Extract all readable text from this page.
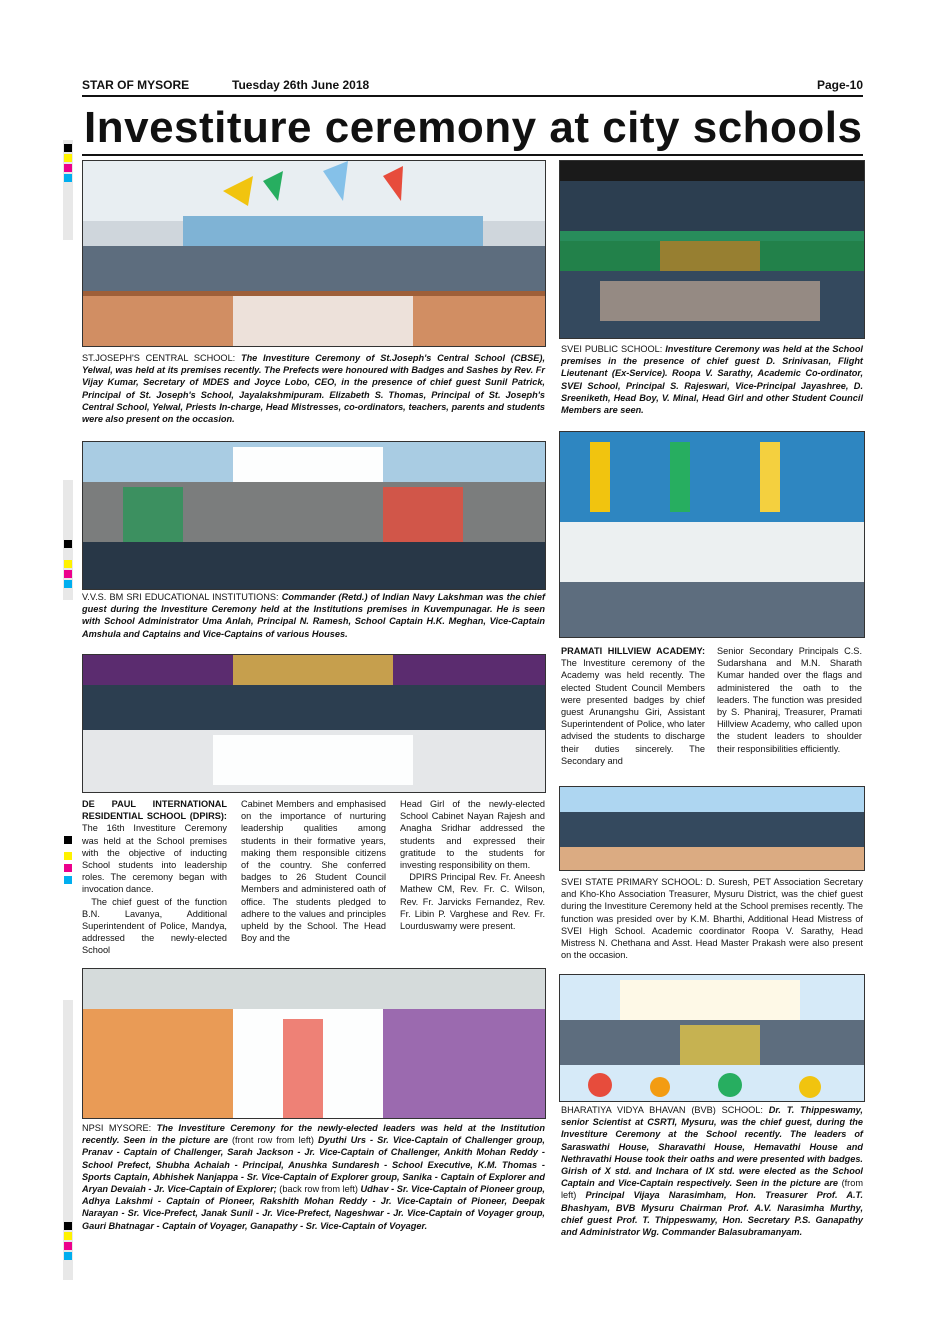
STAR OF MYSORE	Tuesday 26th June 2018	Page-10
Investiture ceremony at city schools
ST.JOSEPH'S CENTRAL SCHOOL: The Investiture Ceremony of St.Joseph's Central School (CBSE), Yelwal, was held at its premises recently. The Prefects were honoured with Badges and Sashes by Rev. Fr Vijay Kumar, Secretary of MDES and Joyce Lobo, CEO, in the presence of chief guest Sunil Patrick, Principal of St. Joseph's School, Jayalakshmipuram. Elizabeth S. Thomas, Principal of St. Joseph's Central School, Yelwal, Priests In-charge, Head Mistresses, co-ordinators, teachers, parents and students were also present on the occasion.
SVEI PUBLIC SCHOOL: Investiture Ceremony was held at the School premises in the presence of chief guest D. Srinivasan, Flight Lieutenant (Ex-Service). Roopa V. Sarathy, Academic Co-ordinator, SVEI School, Principal S. Rajeswari, Vice-Principal Jayashree, D. Sreeniketh, Head Boy, V. Minal, Head Girl and other Student Council Members are seen.
V.V.S. BM SRI EDUCATIONAL INSTITUTIONS: Commander (Retd.) of Indian Navy Lakshman was the chief guest during the Investiture Ceremony held at the Institutions premises in Kuvempunagar. He is seen with School Administrator Uma Anlah, Principal N. Ramesh, School Captain H.K. Meghan, Vice-Captain Amshula and Captains and Vice-Captains of various Houses.
PRAMATI HILLVIEW ACADEMY: The Investiture ceremony of the Academy was held recently. The elected Student Council Members were presented badges by chief guest Arunangshu Giri, Assistant Superintendent of Police, who later advised the students to discharge their duties sincerely. The Secondary and
Senior Secondary Principals C.S. Sudarshana and M.N. Sharath Kumar handed over the flags and administered the oath to the leaders. The function was presided by S. Phaniraj, Treasurer, Pramati Hillview Academy, who called upon the student leaders to shoulder their responsibilities efficiently.
DE PAUL INTERNATIONAL RESIDENTIAL SCHOOL (DPIRS): The 16th Investiture Ceremony was held at the School premises with the objective of inducting School students into leadership roles. The ceremony began with invocation dance.
 The chief guest of the function B.N. Lavanya, Additional Superintendent of Police, Mandya, addressed the newly-elected School
Cabinet Members and emphasised on the importance of nurturing leadership qualities among students in their formative years, making them responsible citizens of the country. She conferred badges to 26 Student Council Members and administered oath of office. The students pledged to adhere to the values and principles upheld by the School. The Head Boy and the
Head Girl of the newly-elected School Cabinet Nayan Rajesh and Anagha Sridhar addressed the students and expressed their gratitude to the students for investing responsibility on them.
 DPIRS Principal Rev. Fr. Aneesh Mathew CM, Rev. Fr. C. Wilson, Rev. Fr. Jarvicks Fernandez, Rev. Fr. Libin P. Varghese and Rev. Fr. Lourduswamy were present.
SVEI STATE PRIMARY SCHOOL: D. Suresh, PET Association Secretary and Kho-Kho Association Treasurer, Mysuru District, was the chief guest during the Investiture Ceremony held at the School premises recently. The function was presided over by K.M. Bharthi, Additional Head Mistress of SVEI High School. Academic coordinator Roopa V. Sarathy, Head Mistress N. Chethana and Asst. Head Master Prakash were also present on the occasion.
NPSI MYSORE: The Investiture Ceremony for the newly-elected leaders was held at the Institution recently. Seen in the picture are (front row from left) Dyuthi Urs - Sr. Vice-Captain of Challenger group, Pranav - Captain of Challenger, Sarah Jackson - Jr. Vice-Captain of Challenger, Ankith Mohan Reddy - School Prefect, Shubha Achaiah - Principal, Anushka Sundaresh - School Executive, K.M. Thomas - Sports Captain, Abhishek Nanjappa - Sr. Vice-Captain of Explorer group, Sanika - Captain of Explorer and Aryan Devaiah - Jr. Vice-Captain of Explorer; (back row from left) Udhav - Sr. Vice-Captain of Pioneer group, Adhya Lakshmi - Captain of Pioneer, Rakshith Mohan Reddy - Jr. Vice-Captain of Pioneer, Deepak Narayan - Sr. Vice-Prefect, Janak Sunil - Jr. Vice-Prefect, Nageshwar - Jr. Vice-Captain of Voyager group, Gauri Bhatnagar - Captain of Voyager, Ganapathy - Sr. Vice-Captain of Voyager.
BHARATIYA VIDYA BHAVAN (BVB) SCHOOL: Dr. T. Thippeswamy, senior Scientist at CSRTI, Mysuru, was the chief guest, during the Investiture Ceremony at the School recently. The leaders of Saraswathi House, Sharavathi House, Hemavathi House and Nethravathi House took their oaths and were presented with badges. Girish of X std. and Inchara of IX std. were elected as the School Captain and Vice-Captain respectively. Seen in the picture are (from left) Principal Vijaya Narasimham, Hon. Treasurer Prof. A.T. Bhashyam, BVB Mysuru Chairman Prof. A.V. Narasimha Murthy, chief guest Prof. T. Thippeswamy, Hon. Secretary P.S. Ganapathy and Administrator Wg. Commander Balasubramanyam.
